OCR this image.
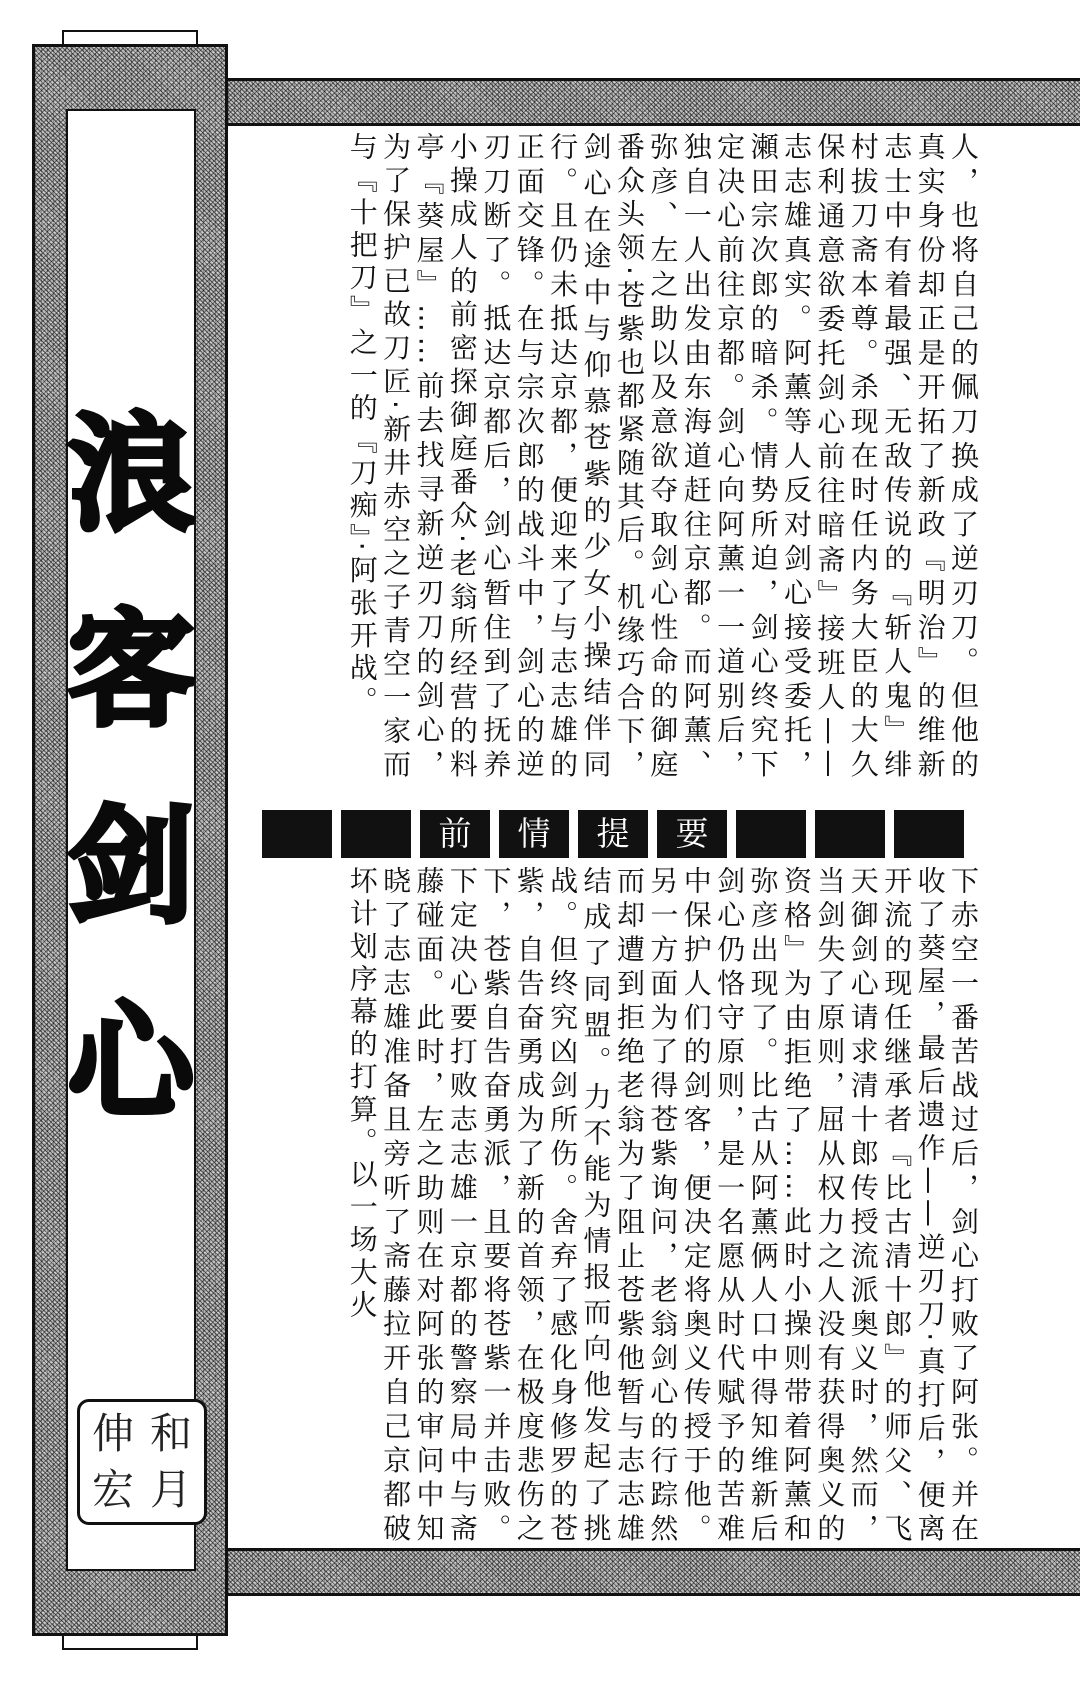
浪
客
剑
心
伸 和
宏 月

人，也将自己的佩刀换成了逆刃刀。但他的真实身份却正是开拓了新政『明治』的维新志士中有着最强、无敌传说的『斩人鬼』绯村拔刀斋本尊。杀现在时任内务大臣的大久保利通意欲委托剑心前往暗斋』接班人——志志雄真实。阿薰等人反对剑心接受委托，瀬田宗次郎的暗杀。情势所迫，剑心终究下定决心前往京都。剑心向阿薰一一道别后，独自一人出发由东海道赶往京都。而阿薰、弥彦、左之助以及意欲夺取剑心性命的御庭番众头领·苍紫也都紧随其后。机缘巧合下，剑心在途中与仰慕苍紫的少女小操结伴同行。且仍未抵达京都，便迎来了与志志雄的正面交锋。在与宗次郎的战斗中，剑心的逆刃刀断了。抵达京都后，剑心暂住到了抚养小操成人的前密探御庭番众·老翁所经营的料亭『葵屋』……前去找寻新逆刃刀的剑心，为了保护已故刀匠·新井赤空之子青空一家而与『十把刀』之一的『刀痴』·阿张开战。

前	情	提	要

下赤空一番苦战过后，剑心打败了阿张。并在收了葵屋，最后遗作——逆刃刀·真打后，便离开流的现任继承者『比古清十郎』的师父、飞天御剑心请求清十郎传授流派奥义时，然而，当剑失了原则，屈从权力之人没有获得奥义的资格』为由拒绝了……此时小操则带着阿薰和弥彦出现了。比古从阿薰俩人口中得知维新后剑心仍恪守原则，是一名愿从时代赋予的苦难中保护人们的剑客，便决定将奥义传授于他。另一方面为了得苍紫询问，老翁剑心的行踪然而却遭到拒绝老翁为了阻止苍紫他暂与志志雄结成了同盟。力不能为情报而向他发起了挑战。但终究凶剑所伤。舍弃了感化身修罗的苍紫，自告奋勇成为了新的首领，在极度悲伤之下，苍紫自告奋勇派，且要将苍紫一并击败。下定决心要打败志志雄一京都的警察局中与斋藤碰面。此时，左之助则在对阿张的审问中知晓了志志雄准备且旁听了斋藤拉开自己京都破坏计划序幕的打算。以一场大火
